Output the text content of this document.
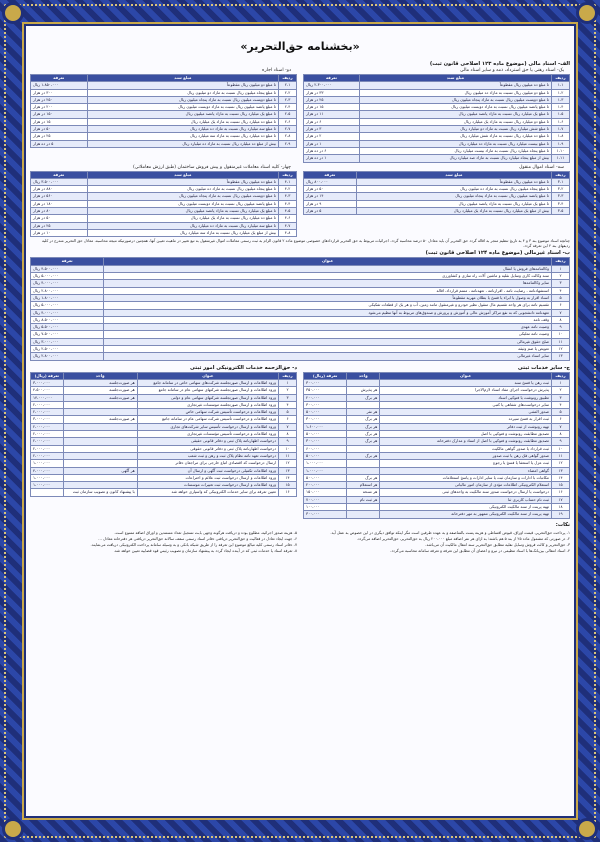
«بخشنامه حق‌التحریر»
الف- اسناد مالی (موضوع ماده ۱۲۳ اصلاحی قانون ثبت)
یک- اسناد رهنی یا حق استرداد، ذمه و سایر اسناد مالی
ردیف	مبلغ سند	تعرفه
۱-۱	تا مبلغ ده میلیون ریال مقطوعاً	۲،۳۰۰،۰۰۰ ریال
۱-۲	تا مبلغ دو میلیون ریال نسبت به مازاد ده میلیون ریال	۳۳ در هزار
۱-۳	تا مبلغ دویست میلیون ریال نسبت به مازاد پنجاه میلیون ریال	۲۵ در هزار
۱-۴	تا مبلغ پانصد میلیون ریال نسبت به مازاد دویست میلیون ریال	۱۵ در هزار
۱-۵	تا مبلغ یک میلیارد ریال نسبت به مازاد پانصد میلیون ریال	۱۱ در هزار
۱-۶	تا مبلغ دو میلیارد ریال نسبت به مازاد یک میلیارد ریال	۶ در هزار
۱-۷	تا مبلغ شش میلیارد ریال نسبت به مازاد دو میلیارد ریال	۳ در هزار
۱-۸	تا مبلغ ده میلیارد ریال نسبت به مازاد شش میلیارد ریال	۲ در هزار
۱-۹	تا مبلغ بیست میلیارد ریال نسبت به مازاد ده میلیارد ریال	۱ در هزار
۱-۱۰	تا مبلغ پنجاه میلیارد ریال نسبت به مازاد بیست میلیارد ریال	۶ در ده هزار
۱-۱۱	بیش از مبلغ پنجاه میلیارد ریال نسبت به مازاد صد میلیارد ریال	۱ در ده هزار
دو- اسناد اجاره
ردیف	مبلغ سند	تعرفه
۲-۱	تا مبلغ دو میلیون ریال مقطوعاً	۱،۸۵۰،۰۰۰ ریال
۲-۲	تا مبلغ پنجاه میلیون ریال نسبت به مازاد دو میلیون ریال	۳۰۰ در هزار
۲-۳	تا مبلغ دویست میلیون ریال نسبت به مازاد پنجاه میلیون ریال	۲۵۰ در هزار
۲-۴	تا مبلغ پانصد میلیون ریال نسبت به مازاد دویست میلیون ریال	۲۰۰ در هزار
۲-۵	تا مبلغ یک میلیارد ریال نسبت به مازاد پانصد میلیون ریال	۱۵۰ در هزار
۲-۶	تا مبلغ ده میلیارد ریال نسبت به مازاد یک میلیارد ریال	۱۵ در هزار
۲-۷	تا مبلغ سه میلیارد ریال نسبت به مازاد ده میلیارد ریال	۵۰ در هزار
۲-۸	تا مبلغ ده میلیارد ریال نسبت به مازاد سه میلیارد ریال	۲۵ در هزار
۲-۹	بیش از مبلغ ده میلیارد ریال نسبت به مازاد ده میلیارد ریال	۵ در ده هزار
سه- اسناد اموال منقول
ردیف	مبلغ سند	تعرفه
۳-۱	تا مبلغ ده میلیون ریال مقطوعاً	۸۰۰،۰۰۰ ریال
۳-۲	تا مبلغ پنجاه میلیون ریال نسبت به مازاد ده میلیون ریال	۵۰ در هزار
۳-۳	تا مبلغ پانصد میلیون ریال نسبت به مازاد پنجاه میلیون ریال	۱۴ در هزار
۳-۴	تا مبلغ یک میلیارد ریال نسبت به مازاد پانصد میلیون ریال	۹ در هزار
۳-۵	بیش از مبلغ یک میلیارد ریال نسبت به مازاد یک میلیارد ریال	۵ در هزار
چهار- کلیه اسناد معاملات غیرمنقول و پیش فروش ساختمان (طبق ارزش معاملاتی)
ردیف	مبلغ سند	تعرفه
۴-۱	تا مبلغ ده میلیون ریال مقطوعاً	۳،۵۰۰،۰۰۰ ریال
۴-۲	تا مبلغ پنجاه میلیون ریال نسبت به مازاد ده میلیون ریال	۸۸۰ در هزار
۴-۳	تا مبلغ دویست میلیون ریال نسبت به مازاد پنجاه میلیون ریال	۵۶۰ در هزار
۴-۴	تا مبلغ پانصد میلیون ریال نسبت به مازاد دویست میلیون ریال	۱۸۰ در هزار
۴-۵	تا مبلغ یک میلیارد ریال نسبت به مازاد پانصد میلیون ریال	۸۰ در هزار
۴-۶	تا مبلغ ده میلیارد ریال نسبت به مازاد یک میلیارد ریال	۵۰ در هزار
۴-۷	تا مبلغ سه میلیارد ریال نسبت به مازاد ده میلیارد ریال	۲۵ در هزار
۴-۸	بیش از مبلغ یک میلیارد ریال نسبت به مازاد سه میلیارد ریال	۱۰ در هزار
چنانچه اسناد موضوع بند ۳ و ۴ به تاریخ تنظیم منجر به اقاله گردد حق التحریر آن باید معادل ۵۰ درصد محاسبه گردد. اجرائیات مربوط به حق التحریر قراردادهای خصوصی موضوع ماده ۲ قانون الزام به ثبت رسمی معاملات اموال غیرمنقول به تبع تغییر در ماهیت تعیین آنها، همچنین درصورتیکه نتیجه محاسبه، معادل حق التحریر مندرج در کلیه ردیفهای بند ۴ این تعرفه گردد.
ب- اسناد غیرمالی (موضوع ماده ۱۲۴ اصلاحی قانون ثبت)
ردیف	عنوان	تعرفه
۱	وکالتنامه‌های فروش یا انتقال	۴،۵۰۰،۰۰۰ ریال
۲	سند وکالت کاری وسایل نقلیه و ماشین آلات راه سازی و کشاورزی	۵،۰۰۰،۰۰۰ ریال
۳	سایر وکالتنامه‌ها	۴،۰۰۰،۰۰۰ ریال
۴	استشهادنامه ، رضایت نامه ، اقرارنامه ، تعهدنامه ، متمم قرارداد، اقاله	۲،۸۰۰،۰۰۰ ریال
۵	اسناد اقرار به وصول یا ابراء یا فسخ یا بطلان مهریه مقطوعاً	۱،۸۰۰،۰۰۰ ریال
۶	تقسیم نامه برای هر واحد تقسیم مال منقول نظیر خودرو و غیرمنقول مانند زمین، آب و هر یک از قطعات تفکیکی	۵،۰۰۰،۰۰۰ ریال
۷	تعهدنامه دانشجویی که به نفع مراکز آموزش عالی و آموزش و پرورش و صندوق‌های مربوط به آنها تنظیم می‌شود	۴،۰۰۰،۰۰۰ ریال
۸	وقف نامه	۸،۵۰۰،۰۰۰ ریال
۹	وصیت نامه عهدی	۵،۵۰۰،۰۰۰ ریال
۱۰	وصیت نامه تملیکی	۷،۵۰۰،۰۰۰ ریال
۱۱	صلح حقوق غیرمالی	۳،۰۰۰،۰۰۰ ریال
۱۲	تعویض یا ضم وثیقه	۲،۵۰۰،۰۰۰ ریال
۱۳	سایر اسناد غیرمالی	۲،۸۰۰،۰۰۰ ریال
ج- سایر خدمات ثبتی
ردیف	عنوان	واحد	تعرفه (ریال)
۱	ثبت رهن یا فسخ سند		۳۰۰،۰۰۰
۲	پذیرش درخواست اجرای مفاد اسناد لازم‌الاجرا	هر پذیرش	۳۵۰،۰۰۰
۳	تطبیق رونوشت یا فتوکپی اسناد	هر برگ	۲۰۰،۰۰۰
۴	سایر درخواست‌های شفاهی یا کتبی		۳۰۰،۰۰۰
۵	صدور المثنی	هر نفر	۵۰۰،۰۰۰
۶	ثبت اقرار به فسخ سپرده	هر برگ	۳۰۰،۰۰۰
۷	تهیه رونوشت از ثبت دفاتر	هر برگ	۱،۶۰۰،۰۰۰
۸	تصدیق مطابقت رونوشت و فتوکپی با اصل	هر برگ	۵۰۰،۰۰۰
۹	تصدیق مطابقت رونوشت و فتوکپی با اصل از اسناد و مدارک دفترخانه	هر برگ	۳۰۰،۰۰۰
۱۰	ثبت قرارداد یا صدور گواهی مالکیت		۶۰۰،۰۰۰
۱۱	صدور گواهی فک رهن یا ثبت صدور	هر برگ	۵۰۰،۰۰۰
۱۲	ثبت عزل یا استعفا یا فسخ یا رجوع		۱،۰۰۰،۰۰۰
۱۳	گواهی امضاء		۱،۰۰۰،۰۰۰
۱۴	مکاتبات با ادارات و سازمان ثبت یا سایر ادارات و پاسخ استعلامات	هر برگ	۵۰۰،۰۰۰
۱۵	استعلام الکترونیکی اطلاعات مؤدی از سازمان امور مالیاتی	هر استعلام	۲۰۰،۰۰۰
۱۶	درخواست یا ارسال درخواست صدور سند مالکیت به واحدهای ثبتی	هر نسخه	۱۵۰،۰۰۰
۱۷	ثبت نام حساب کاربری ثنا	هر ثبت نام	۷۰۰،۰۰۰
۱۸	تهیه پرینت از سند مالکیت الکترونیکی		۱۰۰،۰۰۰
۱۹	تهیه پرینت از سند مالکیت الکترونیکی ممهور به مهر دفترخانه		۳۰۰،۰۰۰
د- حق‌الزحمه خدمات الکترونیکی امور ثبتی
ردیف	عنوان	واحد	تعرفه (ریال)
۱	ورود اطلاعات و ارسال صورتجلسه شرکت‌های سهامی خاص در سامانه جامع	هر صورت‌جلسه	۳،۰۰۰،۰۰۰
۲	ورود اطلاعات و ارسال صورتجلسه شرکتهای سهامی عام در سامانه جامع	هر صورت‌جلسه	۴،۵۰۰،۰۰۰
۳	ورود اطلاعات و ارسال صورتجلسه شرکتهای سهامی عام و دولتی	هر صورت‌جلسه	۱۴،۰۰۰،۰۰۰
۴	ورود اطلاعات و ارسال صورتجلسه موسسات غیرتجاری		۲،۰۰۰،۰۰۰
۵	ورود اطلاعات و درخواست تأسیس شرکت سهامی خاص		۲،۰۰۰،۰۰۰
۶	ورود اطلاعات و درخواست تأسیس شرکت سهامی عام در سامانه جامع	هر صورت‌جلسه	۳،۰۰۰،۰۰۰
۷	ورود اطلاعات و ارسال درخواست تأسیس سایر شرکت‌های تجاری		۲،۰۰۰،۰۰۰
۸	ورود اطلاعات و درخواست تأسیس مؤسسات غیرتجاری		۲،۰۰۰،۰۰۰
۹	درخواست اظهارنامه پلاک ثبتی و دفاتر قانونی حقیقی		۲،۰۰۰،۰۰۰
۱۰	درخواست اظهارنامه پلاک ثبتی و دفاتر قانونی حقوقی		۲،۰۰۰،۰۰۰
۱۱	درخواست تعهد نامه نظام پلاک ثبت و رهن و ثبت شعب		۲،۰۰۰،۰۰۰
۱۲	ارسال درخواست کد اقتصادی اتباع خارجی برای مراجعان دفاتر		۱،۰۰۰،۰۰۰
۱۳	ورود اطلاعات تکمیلی درخواست ثبت آگهی و ارسال آن	هر آگهی	۴،۰۰۰،۰۰۰
۱۴	ورود اطلاعات و ارسال درخواست ثبت علائم و اختراعات		۱،۰۰۰،۰۰۰
۱۵	ورود اطلاعات و ارسال درخواست ثبت تغییرات موسسات		۱،۰۰۰،۰۰۰
۱۶	تعیین تعرفه برای سایر خدمات الکترونیکی که واسپاری خواهد شد	با پیشنهاد کانون و تصویب سازمان ثبت	
نکات:
۱- پرداخت حق‌التحریر، قیمت اوراق، قبوض اقساطی و هزینه پست بالمناصفه و به عهده طرفین است مگر اینکه توافق دیگری در این خصوص به عمل آید.
۲- در صورتی که مشمول ماده ۲۵ از بند ۵ هم باشند؛ به ازای هر نفر اضافه مبلغ ۲۰۰،۰۰۰ ریال به حق‌التحریر، حق‌التحریر اضافه می‌گردد.
۳- حق‌التحریر و کالت فروش وسایل نقلیه مطابق حق‌التحریر سند انتقال مالکیت آن می‌باشد.
۴- اسناد انتقالی بین‌بانک‌ها با اسناد تنظیمی در نیرو و اعضای آن مطابق این تعرفه و تعرفه سامانه محاسبه می‌گردد.
۵- هزینه صدور اجرائیه، مطلوع بوده و دریافت هرگونه وجهی بابت تسجیل تعداد مستندین و اوراق اضافه ممنوع است.
۶- جهت ایجاد تعادل در فعالیت و حق‌التحریر دریافتی دفاتر اسناد رسمی سقف سالانه حق‌التحریر دریافتی هر دفترخانه معادل ...
۷- دفاتر اسناد رسمی کلیه مبالغ موضوع این تعرفه را از طریق شبکه بانکی و به وسیله سامانه پرداخت الکترونیکی دریافت می‌نمایند.
۸- تعرفه اسناد یا خدمات ثبتی که در آینده ایجاد گردد به پیشنهاد سازمان و تصویب رئیس قوه قضاییه تعیین خواهد شد.
